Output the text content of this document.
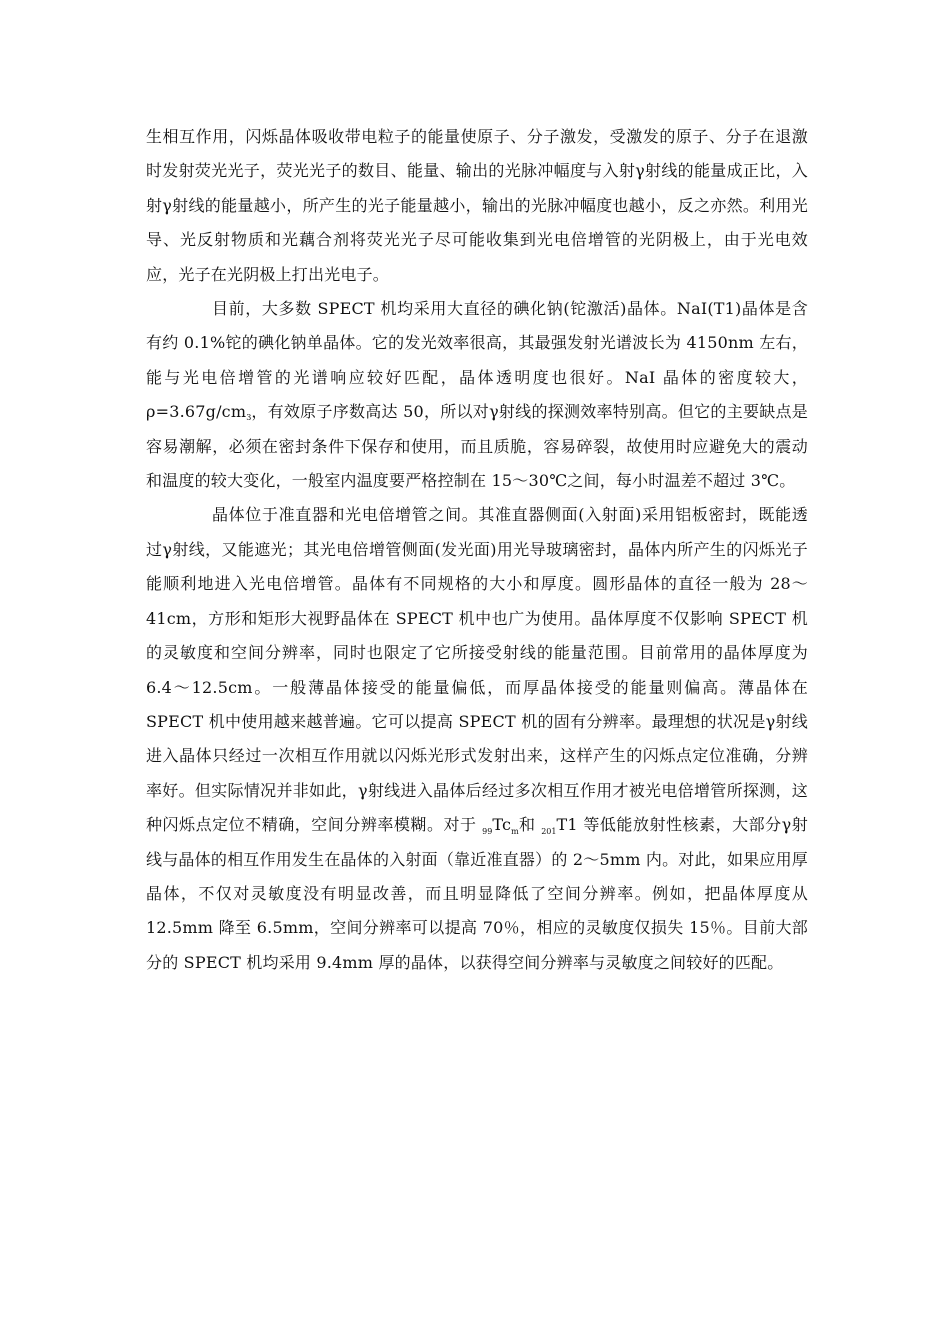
生相互作用，闪烁晶体吸收带电粒子的能量使原子、分子激发，受激发的原子、分子在退激时发射荧光光子，荧光光子的数目、能量、输出的光脉冲幅度与入射γ射线的能量成正比，入射γ射线的能量越小，所产生的光子能量越小，输出的光脉冲幅度也越小，反之亦然。利用光导、光反射物质和光藕合剂将荧光光子尽可能收集到光电倍增管的光阴极上，由于光电效应，光子在光阴极上打出光电子。

目前，大多数 SPECT 机均采用大直径的碘化钠(铊激活)晶体。NaI(T1)晶体是含有约 0.1%铊的碘化钠单晶体。它的发光效率很高，其最强发射光谱波长为 4150nm 左右，能与光电倍增管的光谱响应较好匹配，晶体透明度也很好。NaI 晶体的密度较大，ρ=3.67g/cm3，有效原子序数高达 50，所以对γ射线的探测效率特别高。但它的主要缺点是容易潮解，必须在密封条件下保存和使用，而且质脆，容易碎裂，故使用时应避免大的震动和温度的较大变化，一般室内温度要严格控制在 15～30℃之间，每小时温差不超过 3℃。

晶体位于准直器和光电倍增管之间。其准直器侧面(入射面)采用铝板密封，既能透过γ射线，又能遮光；其光电倍增管侧面(发光面)用光导玻璃密封，晶体内所产生的闪烁光子能顺利地进入光电倍增管。晶体有不同规格的大小和厚度。圆形晶体的直径一般为 28～41cm，方形和矩形大视野晶体在 SPECT 机中也广为使用。晶体厚度不仅影响 SPECT 机的灵敏度和空间分辨率，同时也限定了它所接受射线的能量范围。目前常用的晶体厚度为 6.4～12.5cm。一般薄晶体接受的能量偏低，而厚晶体接受的能量则偏高。薄晶体在 SPECT 机中使用越来越普遍。它可以提高 SPECT 机的固有分辨率。最理想的状况是γ射线进入晶体只经过一次相互作用就以闪烁光形式发射出来，这样产生的闪烁点定位准确，分辨率好。但实际情况并非如此，γ射线进入晶体后经过多次相互作用才被光电倍增管所探测，这种闪烁点定位不精确，空间分辨率模糊。对于 $_{99}Tc_m$和 $_{201}$T1 等低能放射性核素，大部分γ射线与晶体的相互作用发生在晶体的入射面（靠近准直器）的 2～5mm 内。对此，如果应用厚晶体，不仅对灵敏度没有明显改善，而且明显降低了空间分辨率。例如，把晶体厚度从 12.5mm 降至 6.5mm，空间分辨率可以提高 70％，相应的灵敏度仅损失 15％。目前大部分的 SPECT 机均采用 9.4mm 厚的晶体，以获得空间分辨率与灵敏度之间较好的匹配。
